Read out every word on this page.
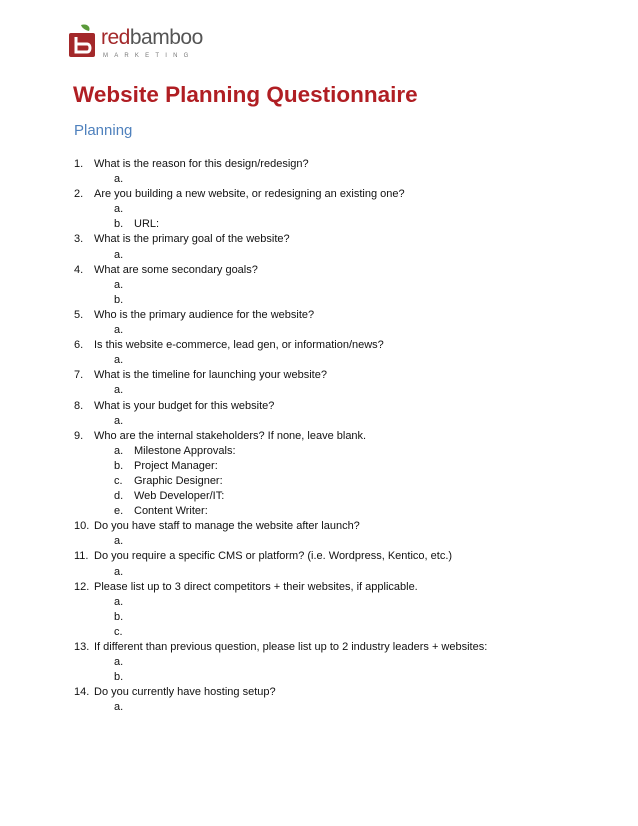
redbamboo
MARKETING
Website Planning Questionnaire
Planning
1. What is the reason for this design/redesign?
a.

2. Are you building a new website, or redesigning an existing one?
a.

b. URL:
3. What is the primary goal of the website?
a.

4. What are some secondary goals?
a.

b.

5. Who is the primary audience for the website?
a.

6. Is this website e-commerce, lead gen, or information/news?
a.

7. What is the timeline for launching your website?
a.

8. What is your budget for this website?
a.

9. Who are the internal stakeholders? If none, leave blank.
a. Milestone Approvals:
b. Project Manager:
c. Graphic Designer:
d. Web Developer/IT:
e. Content Writer:
10. Do you have staff to manage the website after launch?
a.

11. Do you require a specific CMS or platform? (i.e. Wordpress, Kentico, etc.)
a.

12. Please list up to 3 direct competitors + their websites, if applicable.
a.

b.

c.

13. If different than previous question, please list up to 2 industry leaders + websites:
a.

b.

14. Do you currently have hosting setup?
a.
